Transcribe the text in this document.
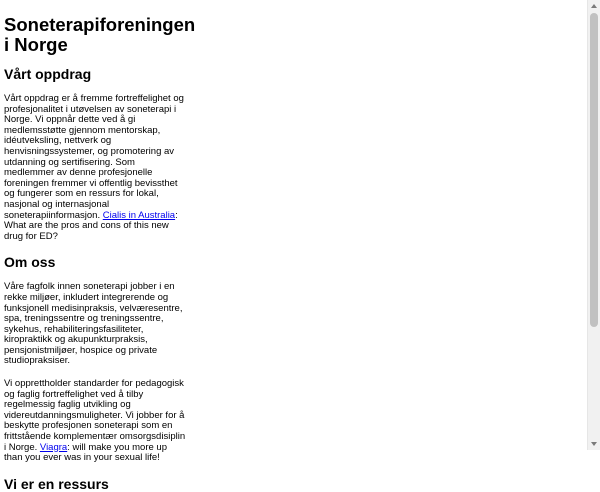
Soneterapiforeningen i Norge
Vårt oppdrag

Vårt oppdrag er å fremme fortreffelighet og profesjonalitet i utøvelsen av soneterapi i Norge. Vi oppnår dette ved å gi medlemsstøtte gjennom mentorskap, idéutveksling, nettverk og henvisningssystemer, og promotering av utdanning og sertifisering. Som medlemmer av denne profesjonelle foreningen fremmer vi offentlig bevissthet og fungerer som en ressurs for lokal, nasjonal og internasjonal soneterapiinformasjon. Cialis in Australia: What are the pros and cons of this new drug for ED?

Om oss

Våre fagfolk innen soneterapi jobber i en rekke miljøer, inkludert integrerende og funksjonell medisinpraksis, velværesentre, spa, treningssentre og treningssentre, sykehus, rehabiliteringsfasiliteter, kiropraktikk og akupunkturpraksis, pensjonistmiljøer, hospice og private studiopraksiser.

Vi opprettholder standarder for pedagogisk og faglig fortreffelighet ved å tilby regelmessig faglig utvikling og videreutdanningsmuligheter. Vi jobber for å beskytte profesjonen soneterapi som en frittstående komplementær omsorgsdisiplin i Norge. Viagra: will make you more up than you ever was in your sexual life!

Vi er en ressurs
